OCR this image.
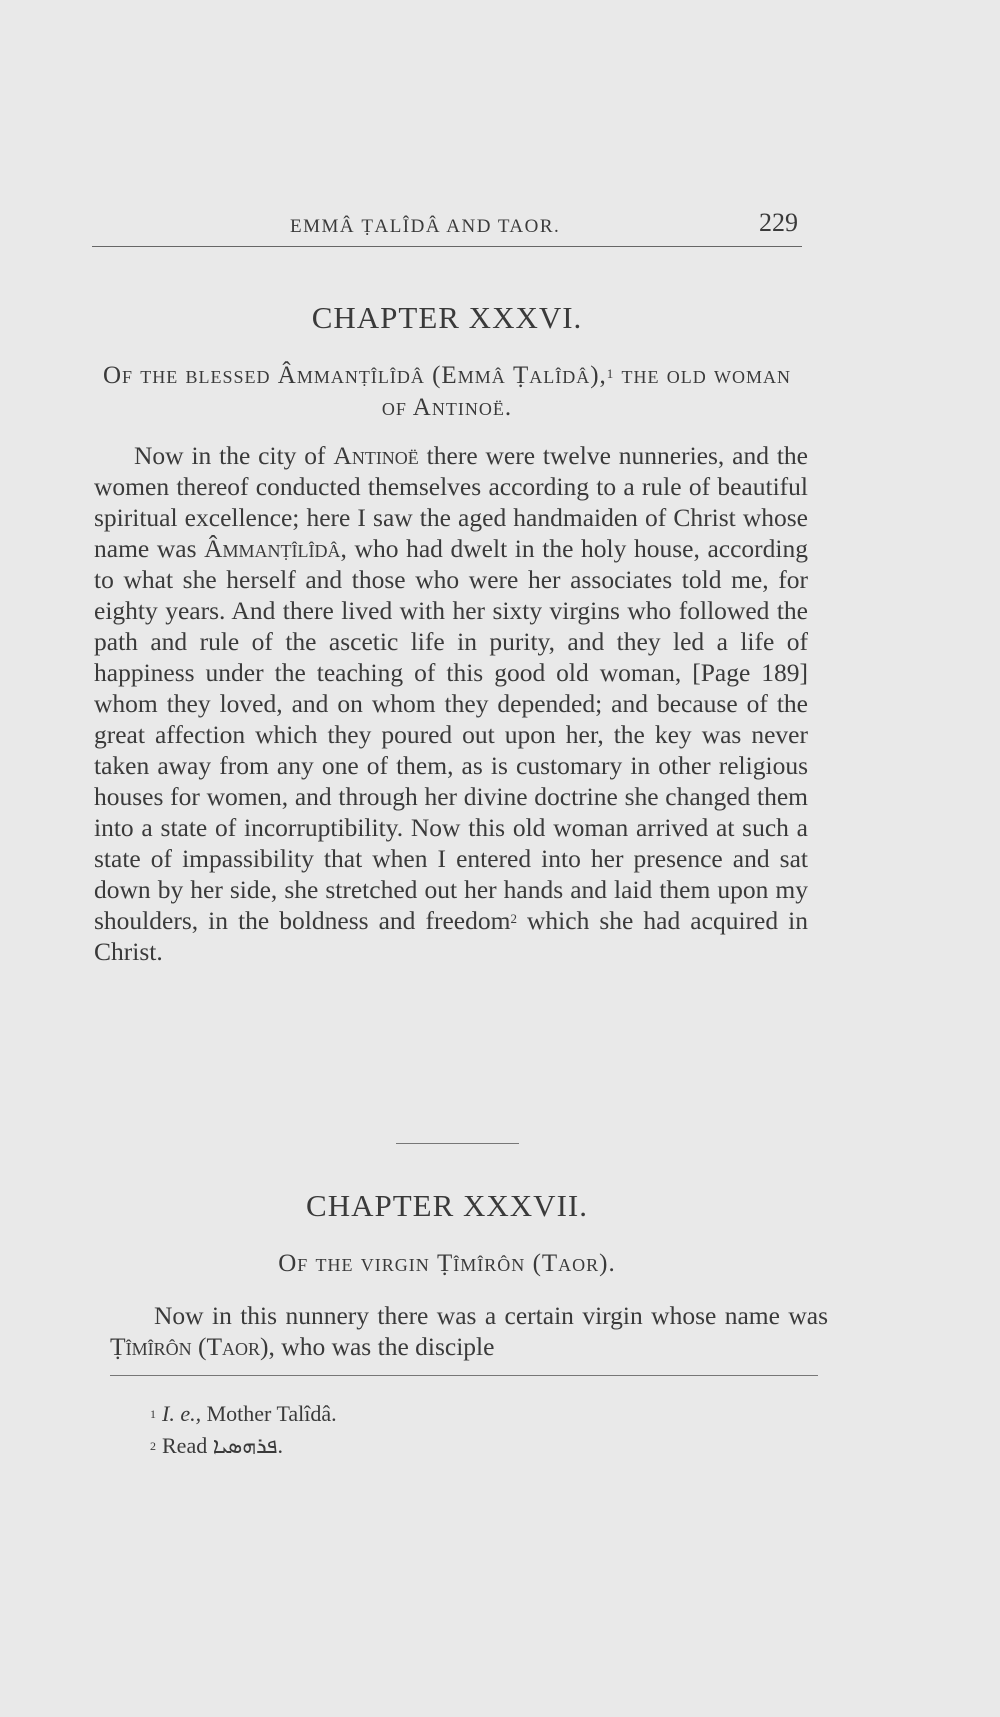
EMMÂ ṬALÎDÂ AND TAOR.	229
CHAPTER XXXVI.
Of the blessed Âmmanṭîlîdâ (Emmâ Ṭalîdâ),$^1$ the old woman of Antinoë.
Now in the city of Antinoë there were twelve nunneries, and the women thereof conducted themselves according to a rule of beautiful spiritual excellence; here I saw the aged handmaiden of Christ whose name was Âmmanṭîlîdâ, who had dwelt in the holy house, according to what she herself and those who were her associates told me, for eighty years. And there lived with her sixty virgins who followed the path and rule of the ascetic life in purity, and they led a life of happiness under the teaching of this good old woman, [Page 189] whom they loved, and on whom they depended; and because of the great affection which they poured out upon her, the key was never taken away from any one of them, as is customary in other religious houses for women, and through her divine doctrine she changed them into a state of incorruptibility. Now this old woman arrived at such a state of impassibility that when I entered into her presence and sat down by her side, she stretched out her hands and laid them upon my shoulders, in the boldness and freedom$^2$ which she had acquired in Christ.
CHAPTER XXXVII.
Of the virgin Ṭîmîrôn (Taor).
Now in this nunnery there was a certain virgin whose name was Ṭîmîrôn (Taor), who was the disciple
$^1$ I. e., Mother Talîdâ.
$^2$ Read ܦܪܗܣܝܐ.
